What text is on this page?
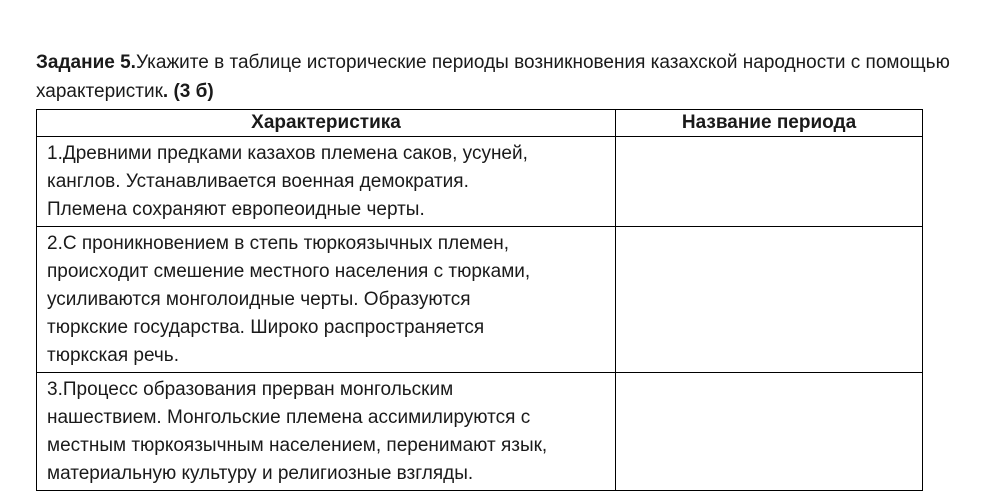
Задание 5.Укажите в таблице исторические периоды возникновения казахской народности с помощью характеристик. (3 б)

Характеристика	Название периода

1.Древними предками казахов племена саков, усуней,
канглов. Устанавливается военная демократия.
Племена сохраняют европеоидные черты.	

2.С проникновением в степь тюркоязычных племен,
происходит смешение местного населения с тюрками,
усиливаются монголоидные черты. Образуются
тюркские государства. Широко распространяется
тюркская речь.	

3.Процесс образования прерван монгольским
нашествием. Монгольские племена ассимилируются с
местным тюркоязычным населением, перенимают язык,
материальную культуру и религиозные взгляды.	
